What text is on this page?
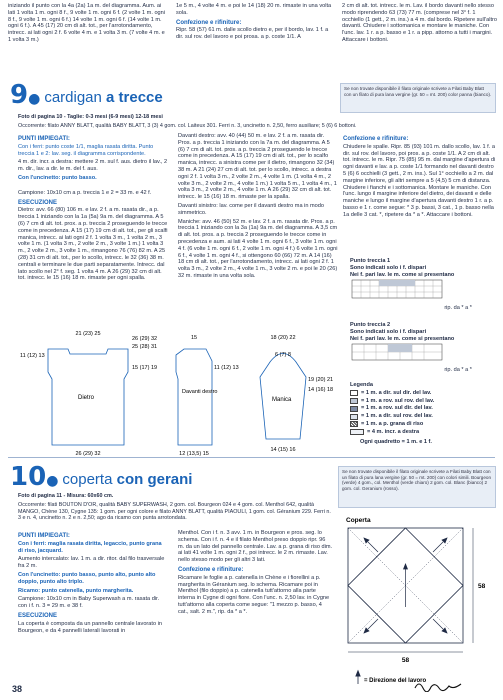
iniziando il punto con la 4a (2a) 1a m. del diagramma. Aum. ai lati 1 volta 1 m. ogni 8 f., 9 volte 1 m. ogni 6 f. (2 volte 1 m. ogni 8 f., 9 volte 1 m. ogni 6 f.) 14 volte 1 m. ogni 6 f. (14 volte 1 m. ogni 6 f.). A 45 (17) 20 cm di alt. tot., per l'arrotondamento, intrecc. ai lati ogni 2 f. 6 volte 4 m. e 1 volta 3 m. (7 volte 4 m. e 1 volta 3 m.)

1e 5 m., 4 volte 4 m. e poi le 14 (18) 20 m. rimaste in una volta sola.

Confezione e rifiniture:

Ripr. 58 (57) 61 m. dalle scollo dietro e, per il bordo, lav. 1 f. a dir. sul rov. del lavoro e poi prosa. a p. coste 1/1. A

2 cm di alt. tot. intrecc. le m. Lav. il bordo davanti nello stesso modo riprendendo 63 (73) 77 m. (comprese nel 3° f. 1 occhiello (1 gett., 2 m. ins.) a 4 m. dal bordo. Ripetere sull'altro davanti. Chiudere i sottomanica e montare le maniche. Con l'unc. lav. 1 r. a p. basso e 1 r. a pipp. attorno a tutti i margini. Attaccare i bottoni.

9● cardigan a trecce	Se non trovate disponibile il filato originale scrivete a Filati Baby Blatt con un filato di pura lana vergine (gr. 50 = mt. 200) color panna (bianco).

Foto di pagina 10 - Taglie: 0-3 mesi (6-9 mesi) 12-18 mesi

Occorrente: filato ANNY BLATT, qualità BABY BLATT, 3 (3) 4 gom. col. Laiteux 301. Ferri n. 3, uncinetto n. 2,50, ferro ausiliare; 5 (6) 6 bottoni.

PUNTI IMPIEGATI:

Con i ferri: punto coste 1/1, maglia rasata diritta. Punto treccia 1 e 2: lav. seg. il diagramma corrispondente.

4 m. dir. incr. a destra: mettere 2 m. sul f. aus. dietro il lav., 2 m. dir., lav. a dir. le m. del f. aus.

Con l'uncinetto: punto basso.

Campione: 10x10 cm a p. treccia 1 e 2 = 33 m. e 42 f.

ESECUZIONE

Dietro: avv. 66 (80) 106 m. e lav. 2 f. a m. rasata dir., a p. treccia 1 iniziando con la 1a (5a) 9a m. del diagramma. A 5 (6) 7 cm di alt. tot. prox. a p. treccia 2 proseguendo le trecce come in precedenza. A 15 (17) 19 cm di alt. tot., per gli scalfi manica, intrecc. ai lati ogni 2 f. 1 volta 3 m., 1 volta 2 m., 3 volte 1 m. (1 volta 3 m., 2 volte 2 m., 3 volte 1 m.) 1 volta 3 m., 2 volte 2 m., 3 volte 1 m., rimangono 76 (76) 82 m. A 25 (28) 31 cm di alt. tot., per lo scollo, intrecc. le 32 (36) 38 m. centrali e terminare le due parti separatamente. Intrecc. dal lato scollo nel 2° f. seg. 1 volta 4 m. A 26 (29) 32 cm di alt. tot. intrecc. le 15 (16) 18 m. rimaste per ogni spalla.

Davanti destro: avv. 40 (44) 50 m. e lav. 2 f. a m. rasata dir. Pros. a p. treccia 1 iniziando con la 7a m. del diagramma. A 5 (6) 7 cm di alt. tot. pros. a p. treccia 2 proseguendo le trecce come in precedenza. A 15 (17) 19 cm di alt. tot., per lo scalfo manica, intrecc. a sinistra come per il dietro, rimangono 32 (34) 38 m. A 21 (24) 27 cm di alt. tot. per lo scollo, intrecc. a destra ogni 2 f. 1 volta 3 m., 2 volte 2 m., 4 volte 1 m. (1 volta 4 m., 2 volte 3 m., 2 volte 2 m., 4 volte 1 m.) 1 volta 5 m., 1 volta 4 m., 1 volta 3 m., 2 volte 2 m., 4 volte 1 m. A 26 (29) 32 cm di alt. tot. intrecc. le 15 (16) 18 m. rimaste per la spalla.

Davanti sinistro: lav. come per il davanti destro ma in modo simmetrico.

Maniche: avv. 46 (50) 52 m. e lav. 2 f. a m. rasata dir. Pros. a p. treccia 1 iniziando con la 3a (1a) 9a m. del diagramma. A 3,5 cm di alt. tot. pros. a p. treccia 2 proseguendo le trecce come in precedenza e aum. ai lati 4 volte 1 m. ogni 6 f., 3 volte 1 m. ogni 4 f. (6 volte 1 m. ogni 6 f., 2 volte 1 m. ogni 4 f.) 6 volte 1 m. ogni 6 f., 4 volte 1 m. ogni 4 f., si ottengono 60 (66) 72 m. A 14 (16) 18 cm di alt. tot., per l'arrotondamento, intrecc. ai lati ogni 2 f. 1 volta 3 m., 2 volte 2 m., 4 volte 1 m., 3 volte 2 m. e poi le 20 (26) 32 m. rimaste in una volta sola.

Confezione e rifiniture:

Chiudere le spalle. Ripr. 85 (93) 101 m. dallo scollo, lav. 1 f. a dir. sul rov. del lavoro, poi pros. a p. coste 1/1. A 2 cm di alt. tot. intrecc. le m. Ripr. 75 (85) 95 m. dal margine d'apertura di ogni davanti e lav. a p. coste 1/1 formando nel davanti destro 5 (6) 6 occhielli (3 gett., 2 m. ins.). Sul 1° occhiello a 2 m. dal margine inferiore, gli altri sempre a 5 (4,5) 5 cm di distanza. Chiudere i fianchi e i sottomanica. Montare le maniche. Con l'unc. lungo il margine inferiore del dietro, dei davanti e delle maniche e lungo il margine d'apertura davanti destro 1 r. a p. basso e 1 r. come segue: * 3 p. bassi, 3 cat., 1 p. basso nella 1a delle 3 cat. *, ripetere da * a *. Attaccare i bottoni.

Punto treccia 1
Sono indicati solo i f. dispari
Nei f. pari lav. le m. come si presentano
rip. da * a *
Punto treccia 2
Sono indicati solo i f. dispari
Nei f. pari lav. le m. come si presentano
rip. da * a *
Legenda
= 1 m. a dir. sul dir. del lav.
= 1 m. a rov. sul rov. del lav.
= 1 m. a rov. sul dir. del lav.
= 1 m. a dir. sul rov. del lav.
= 1 m. a p. grana di riso
= 4 m. incr. a destra
Ogni quadretto = 1 m. e 1 f.
21 (23) 25
11 (12) 13
Dietro
26 (29) 32
25 (28) 31
15 (17) 19
26 (29) 32
15
Davanti destro
11 (12) 13
12 (13,5) 15
18 (20) 22
6 (7) 8
Manica
19 (20) 21
14 (16) 18
14 (15) 16
10● coperta con gerani	Se non trovate disponibile il filato originale scrivete a Filati Baby Blatt con un filato di pura lana vergine (gr. 50 = mt. 200) con colori simili. Bourgeon (verde) 4 gom., col. Menthol (verde chiaro) 2 gom. col. Blanc (bianco) 2 gom. col. Geranium (rosso).

Foto di pagina 11 - Misura: 60x60 cm.

Occorrente: filati BOUTON D'OR, qualità BABY SUPERWASH, 2 gom. col. Bourgeon 024 e 4 gom. col. Menthol 642, qualità MANGO, Chène 130, Cygne 135: 1 gom. per ogni colore e filato ANNY BLATT, qualità PIAOULI, 1 gom. col. Géranium 229. Ferri n. 3 e n. 4, uncinetto n. 2 e n. 2,50; ago da ricamo con punta arrotondata.

PUNTI IMPIEGATI:

Con i ferri: maglia rasata diritta, legaccio, punto grana di riso, jacquard.

Aumento intercalato: lav. 1 m. a dir. ritor. dal filo trasversale fra 2 m.

Con l'uncinetto: punto basso, punto alto, punto alto doppio, punto alto triplo.

Ricamo: punto catenella, punto margherita.

Campione: 10x10 cm in Baby Superwash a m. rasata dir. con i f. n. 3 = 29 m. e 38 f.

ESECUZIONE

La coperta è composta da un pannello centrale lavorato in Bourgeon, e da 4 pannelli laterali lavorati in

Menthol. Con i f. n. 3 avv. 1 m. in Bourgeon e pros. seg. lo schema. Con i f. n. 4 e il filato Menthol preso doppio ripr. 96 m. da un lato del pannello centrale. Lav. a p. grana di riso dim. ai lati 41 volte 1 m. ogni 2 f., poi intrecc. le 2 m. rimaste. Lav. nello stesso modo per gli altri 3 lati.

Confezione e rifiniture:

Ricamare le foglie a p. catenella in Chène e i fiorellini a p. margherita in Géranium seg. lo schema. Ricamare poi in Menthol (filo doppio) a p. catenella tutt'attorno alla parte interna in Cygne di ogni fiore. Con l'unc. n. 2,50 lav. in Cygne tutt'attorno alla coperta come segue: "1 mezzo p. basso, 4 cat., salt. 2 m.", rip. da * a *.

Coperta
58
58
= Direzione del lavoro
38
